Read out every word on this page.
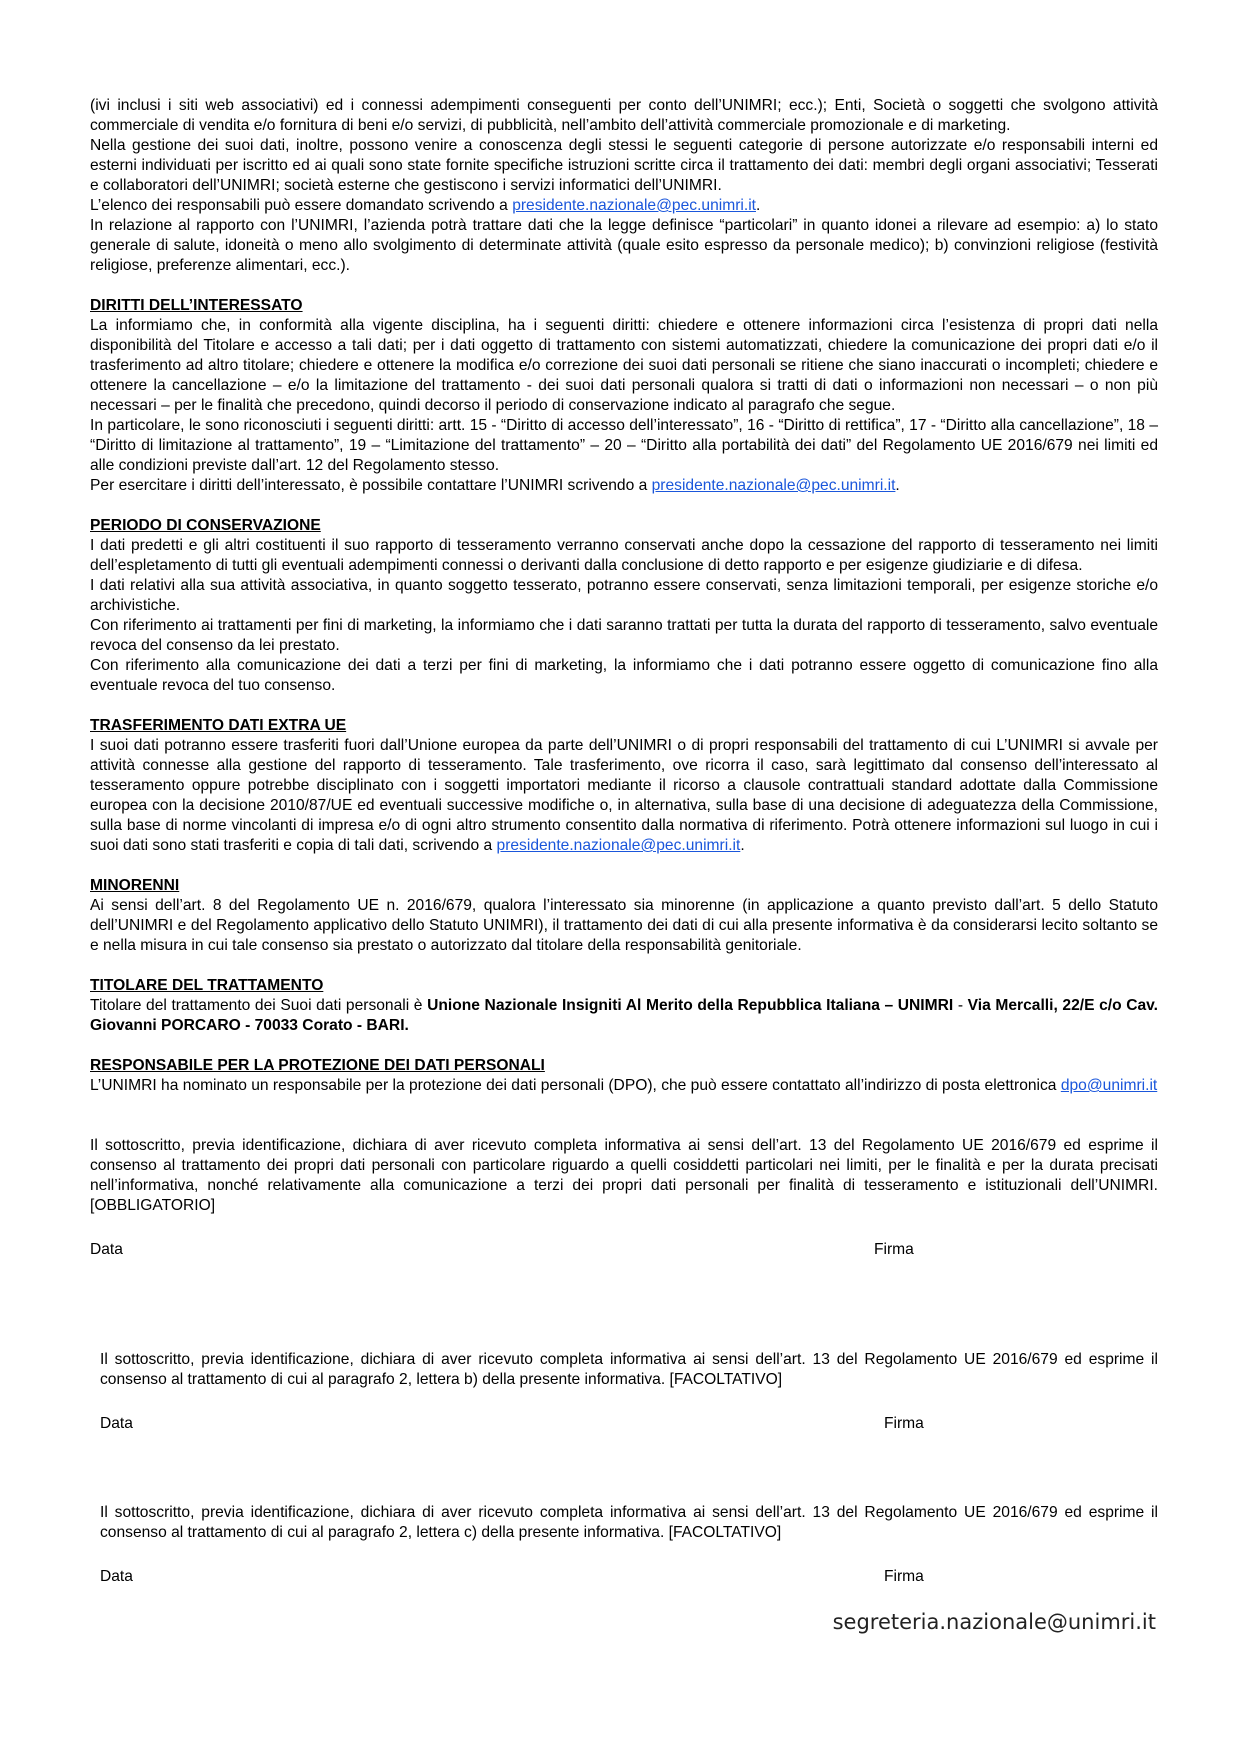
(ivi inclusi i siti web associativi) ed i connessi adempimenti conseguenti per conto dell’UNIMRI; ecc.); Enti, Società o soggetti che svolgono attività commerciale di vendita e/o fornitura di beni e/o servizi, di pubblicità, nell’ambito dell’attività commerciale promozionale e di marketing.

Nella gestione dei suoi dati, inoltre, possono venire a conoscenza degli stessi le seguenti categorie di persone autorizzate e/o responsabili interni ed esterni individuati per iscritto ed ai quali sono state fornite specifiche istruzioni scritte circa il trattamento dei dati: membri degli organi associativi; Tesserati e collaboratori dell’UNIMRI; società esterne che gestiscono i servizi informatici dell’UNIMRI.

L’elenco dei responsabili può essere domandato scrivendo a presidente.nazionale@pec.unimri.it.

In relazione al rapporto con l’UNIMRI, l’azienda potrà trattare dati che la legge definisce “particolari” in quanto idonei a rilevare ad esempio: a) lo stato generale di salute, idoneità o meno allo svolgimento di determinate attività (quale esito espresso da personale medico); b) convinzioni religiose (festività religiose, preferenze alimentari, ecc.).

DIRITTI DELL’INTERESSATO

La informiamo che, in conformità alla vigente disciplina, ha i seguenti diritti: chiedere e ottenere informazioni circa l’esistenza di propri dati nella disponibilità del Titolare e accesso a tali dati; per i dati oggetto di trattamento con sistemi automatizzati, chiedere la comunicazione dei propri dati e/o il trasferimento ad altro titolare; chiedere e ottenere la modifica e/o correzione dei suoi dati personali se ritiene che siano inaccurati o incompleti; chiedere e ottenere la cancellazione – e/o la limitazione del trattamento - dei suoi dati personali qualora si tratti di dati o informazioni non necessari – o non più necessari – per le finalità che precedono, quindi decorso il periodo di conservazione indicato al paragrafo che segue.

In particolare, le sono riconosciuti i seguenti diritti: artt. 15 - “Diritto di accesso dell’interessato”, 16 - “Diritto di rettifica”, 17 - “Diritto alla cancellazione”, 18 – “Diritto di limitazione al trattamento”, 19 – “Limitazione del trattamento” – 20 – “Diritto alla portabilità dei dati” del Regolamento UE 2016/679 nei limiti ed alle condizioni previste dall’art. 12 del Regolamento stesso.

Per esercitare i diritti dell’interessato, è possibile contattare l’UNIMRI scrivendo a presidente.nazionale@pec.unimri.it.

PERIODO DI CONSERVAZIONE

I dati predetti e gli altri costituenti il suo rapporto di tesseramento verranno conservati anche dopo la cessazione del rapporto di tesseramento nei limiti dell’espletamento di tutti gli eventuali adempimenti connessi o derivanti dalla conclusione di detto rapporto e per esigenze giudiziarie e di difesa.

I dati relativi alla sua attività associativa, in quanto soggetto tesserato, potranno essere conservati, senza limitazioni temporali, per esigenze storiche e/o archivistiche.

Con riferimento ai trattamenti per fini di marketing, la informiamo che i dati saranno trattati per tutta la durata del rapporto di tesseramento, salvo eventuale revoca del consenso da lei prestato.

Con riferimento alla comunicazione dei dati a terzi per fini di marketing, la informiamo che i dati potranno essere oggetto di comunicazione fino alla eventuale revoca del tuo consenso.

TRASFERIMENTO DATI EXTRA UE

I suoi dati potranno essere trasferiti fuori dall’Unione europea da parte dell’UNIMRI o di propri responsabili del trattamento di cui L’UNIMRI si avvale per attività connesse alla gestione del rapporto di tesseramento. Tale trasferimento, ove ricorra il caso, sarà legittimato dal consenso dell’interessato al tesseramento oppure potrebbe disciplinato con i soggetti importatori mediante il ricorso a clausole contrattuali standard adottate dalla Commissione europea con la decisione 2010/87/UE ed eventuali successive modifiche o, in alternativa, sulla base di una decisione di adeguatezza della Commissione, sulla base di norme vincolanti di impresa e/o di ogni altro strumento consentito dalla normativa di riferimento. Potrà ottenere informazioni sul luogo in cui i suoi dati sono stati trasferiti e copia di tali dati, scrivendo a presidente.nazionale@pec.unimri.it.

MINORENNI

Ai sensi dell’art. 8 del Regolamento UE n. 2016/679, qualora l’interessato sia minorenne (in applicazione a quanto previsto dall’art. 5 dello Statuto dell’UNIMRI e del Regolamento applicativo dello Statuto UNIMRI), il trattamento dei dati di cui alla presente informativa è da considerarsi lecito soltanto se e nella misura in cui tale consenso sia prestato o autorizzato dal titolare della responsabilità genitoriale.

TITOLARE DEL TRATTAMENTO

Titolare del trattamento dei Suoi dati personali è Unione Nazionale Insigniti Al Merito della Repubblica Italiana – UNIMRI - Via Mercalli, 22/E c/o Cav. Giovanni PORCARO - 70033 Corato - BARI.

RESPONSABILE PER LA PROTEZIONE DEI DATI PERSONALI

L’UNIMRI ha nominato un responsabile per la protezione dei dati personali (DPO), che può essere contattato all’indirizzo di posta elettronica dpo@unimri.it

Il sottoscritto, previa identificazione, dichiara di aver ricevuto completa informativa ai sensi dell’art. 13 del Regolamento UE 2016/679 ed esprime il consenso al trattamento dei propri dati personali con particolare riguardo a quelli cosiddetti particolari nei limiti, per le finalità e per la durata precisati nell’informativa, nonché relativamente alla comunicazione a terzi dei propri dati personali per finalità di tesseramento e istituzionali dell’UNIMRI. [OBBLIGATORIO]

Data	Firma

Il sottoscritto, previa identificazione, dichiara di aver ricevuto completa informativa ai sensi dell’art. 13 del Regolamento UE 2016/679 ed esprime il consenso al trattamento di cui al paragrafo 2, lettera b) della presente informativa. [FACOLTATIVO]

Data	Firma

Il sottoscritto, previa identificazione, dichiara di aver ricevuto completa informativa ai sensi dell’art. 13 del Regolamento UE 2016/679 ed esprime il consenso al trattamento di cui al paragrafo 2, lettera c) della presente informativa. [FACOLTATIVO]

Data	Firma
segreteria.nazionale@unimri.it
